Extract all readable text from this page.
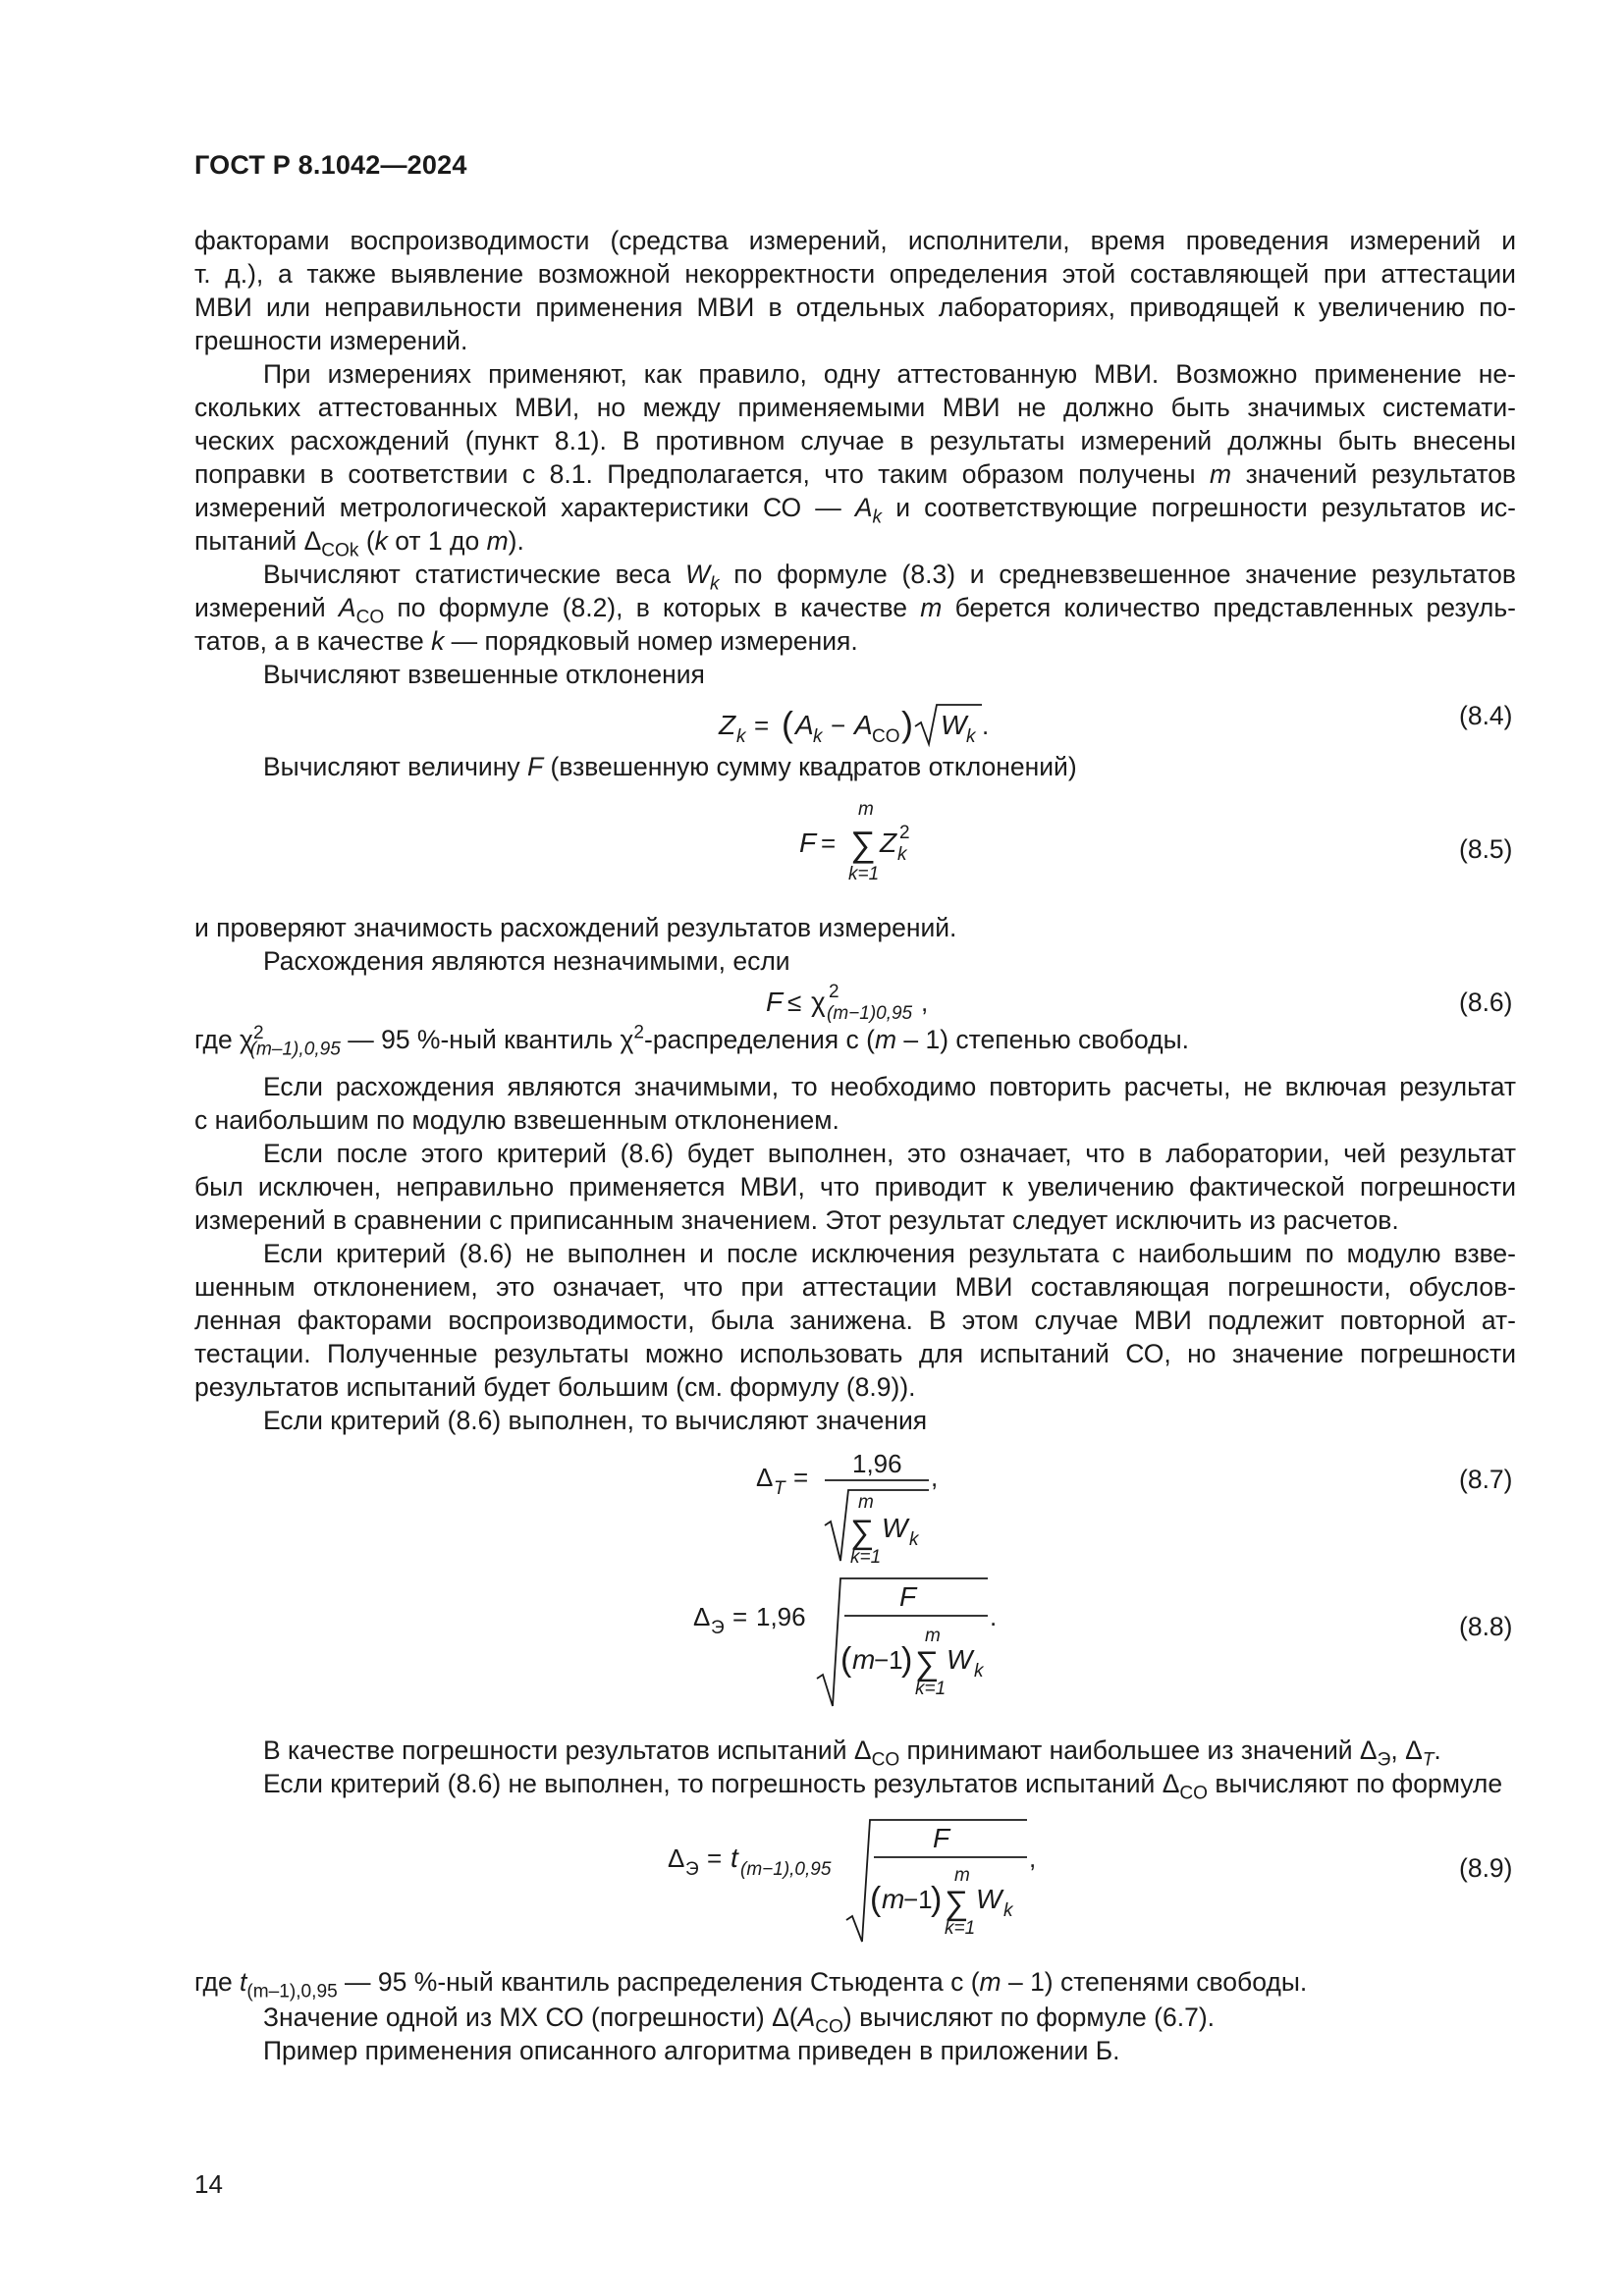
ГОСТ Р 8.1042—2024
факторами воспроизводимости (средства измерений, исполнители, время проведения измерений и
т. д.), а также выявление возможной некорректности определения этой составляющей при аттестации
МВИ или неправильности применения МВИ в отдельных лабораториях, приводящей к увеличению по-
грешности измерений.
При измерениях применяют, как правило, одну аттестованную МВИ. Возможно применение не-
скольких аттестованных МВИ, но между применяемыми МВИ не должно быть значимых системати-
ческих расхождений (пункт 8.1). В противном случае в результаты измерений должны быть внесены
поправки в соответствии с 8.1. Предполагается, что таким образом получены m значений результатов
измерений метрологической характеристики СО — $A_k$ и соответствующие погрешности результатов ис-
пытаний $\Delta_{COk}$ (k от 1 до m).
Вычисляют статистические веса $W_k$ по формуле (8.3) и средневзвешенное значение результатов
измерений $A_{CO}$ по формуле (8.2), в которых в качестве m берется количество представленных резуль-
татов, а в качестве k — порядковый номер измерения.
Вычисляют взвешенные отклонения
Z k = ( A k − A CO ) W k .	(8.4)
Вычисляют величину F (взвешенную сумму квадратов отклонений)
F =
m
∑ Z k
2
k=1
(8.5)
и проверяют значимость расхождений результатов измерений.
Расхождения являются незначимыми, если
F ≤ χ 2
(m−1)0,95 ,	(8.6)
где $\chi^2_{(m-1),0,95}$ — 95 %-ный квантиль $\chi^2$-распределения с (m – 1) степенью свободы.
Если расхождения являются значимыми, то необходимо повторить расчеты, не включая результат
с наибольшим по модулю взвешенным отклонением.
Если после этого критерий (8.6) будет выполнен, это означает, что в лаборатории, чей результат
был исключен, неправильно применяется МВИ, что приводит к увеличению фактической погрешности
измерений в сравнении с приписанным значением. Этот результат следует исключить из расчетов.
Если критерий (8.6) не выполнен и после исключения результата с наибольшим по модулю взве-
шенным отклонением, это означает, что при аттестации МВИ составляющая погрешности, обуслов-
ленная факторами воспроизводимости, была занижена. В этом случае МВИ подлежит повторной ат-
тестации. Полученные результаты можно использовать для испытаний СО, но значение погрешности
результатов испытаний будет большим (см. формулу (8.9)).
Если критерий (8.6) выполнен, то вычисляют значения
Δ T = 1,96 ,
m
∑ W k
k=1
(8.7)
Δ Э = 1,96
F
.
( m
−1
)
m
∑ W k
k=1
(8.8)
В качестве погрешности результатов испытаний $\Delta_{CO}$ принимают наибольшее из значений $\Delta_Э$, $\Delta_T$.
Если критерий (8.6) не выполнен, то погрешность результатов испытаний $\Delta_{CO}$ вычисляют по формуле
Δ Э = t (m−1),0,95
F
,
( m
−1
)
m
∑ W k
k=1
(8.9)
где $t_{(m-1),0,95}$ — 95 %-ный квантиль распределения Стьюдента с (m – 1) степенями свободы.
Значение одной из МХ СО (погрешности) $\Delta(A_{CO})$ вычисляют по формуле (6.7).
Пример применения описанного алгоритма приведен в приложении Б.
14
